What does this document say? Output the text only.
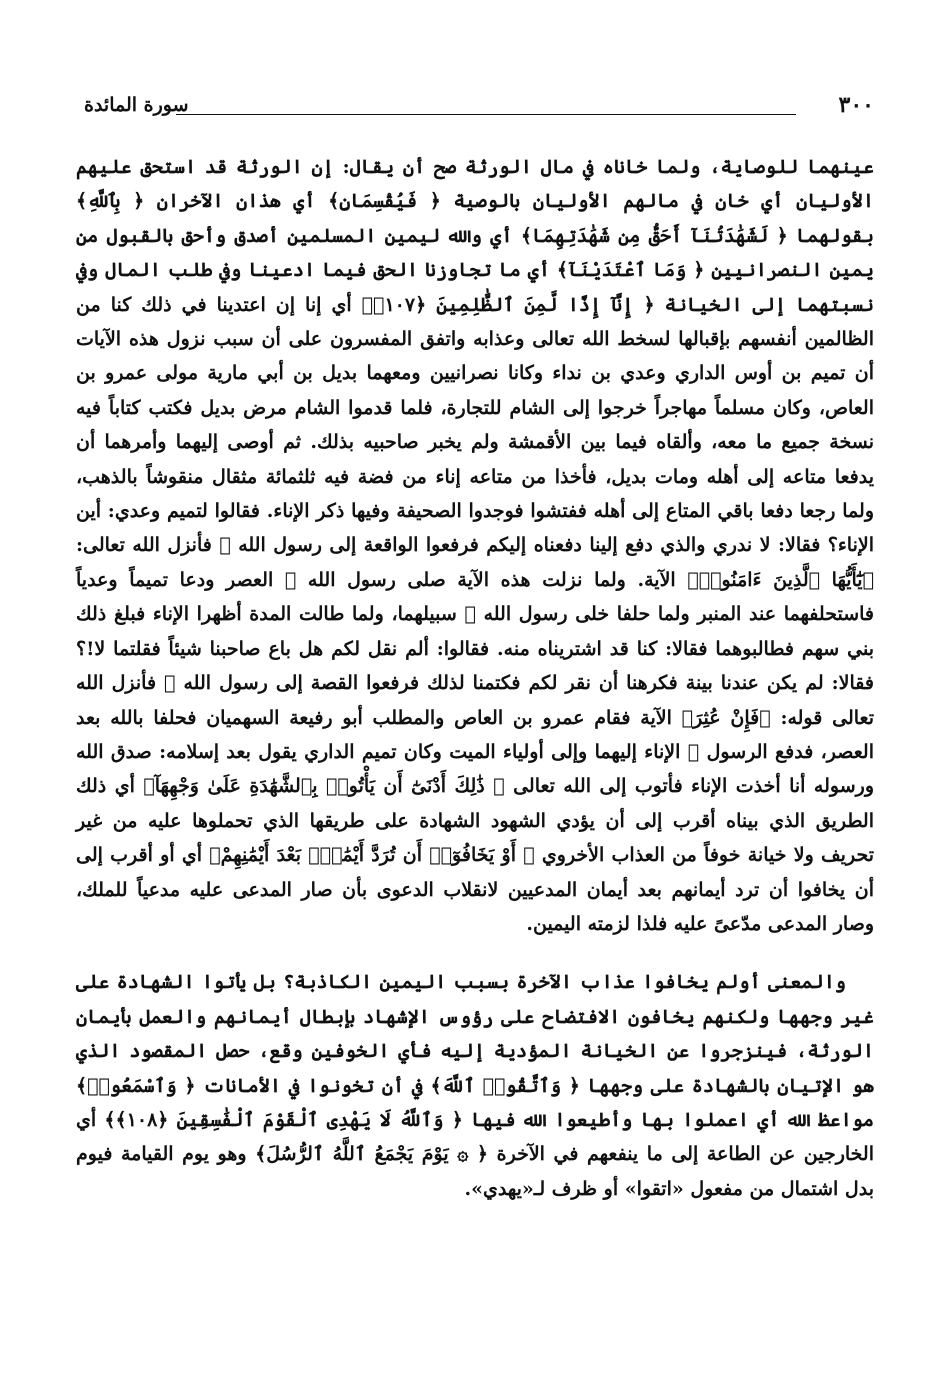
٣٠٠
سورة المائدة

عينهما للوصاية، ولما خاناه في مال الورثة صح أن يقال: إن الورثة قد استحق عليهم الأوليان أي خان في مالهم الأوليان بالوصية ﴿ فَيُقْسِمَانِ﴾ أي هذان الآخران ﴿ بِٱللَّهِ﴾ بقولهما ﴿ لَشَهَٰدَتُنَآ أَحَقُّ مِن شَهَٰدَتِهِمَا﴾ أي والله ليمين المسلمين أصدق وأحق بالقبول من يمين النصرانيين ﴿ وَمَا ٱعْتَدَيْنَآ﴾ أي ما تجاوزنا الحق فيما ادعينا وفي طلب المال وفي نسبتهما إلى الخيانة ﴿ إِنَّآ إِذًا لَّمِنَ ٱلظَّٰلِمِينَ ﴿١٠٧﴾﴾ أي إنا إن اعتدينا في ذلك كنا من الظالمين أنفسهم بإقبالها لسخط الله تعالى وعذابه واتفق المفسرون على أن سبب نزول هذه الآيات أن تميم بن أوس الداري وعدي بن نداء وكانا نصرانيين ومعهما بديل بن أبي مارية مولى عمرو بن العاص، وكان مسلماً مهاجراً خرجوا إلى الشام للتجارة، فلما قدموا الشام مرض بديل فكتب كتاباً فيه نسخة جميع ما معه، وألقاه فيما بين الأقمشة ولم يخبر صاحبيه بذلك. ثم أوصى إليهما وأمرهما أن يدفعا متاعه إلى أهله ومات بديل، فأخذا من متاعه إناء من فضة فيه ثلثمائة مثقال منقوشاً بالذهب، ولما رجعا دفعا باقي المتاع إلى أهله ففتشوا فوجدوا الصحيفة وفيها ذكر الإناء. فقالوا لتميم وعدي: أين الإناء؟ فقالا: لا ندري والذي دفع إلينا دفعناه إليكم فرفعوا الواقعة إلى رسول الله ﷺ فأنزل الله تعالى: ﴿يَٰٓأَيُّهَا ٱلَّذِينَ ءَامَنُوا۟﴾ الآية. ولما نزلت هذه الآية صلى رسول الله ﷺ العصر ودعا تميماً وعدياً فاستحلفهما عند المنبر ولما حلفا خلى رسول الله ﷺ سبيلهما، ولما طالت المدة أظهرا الإناء فبلغ ذلك بني سهم فطالبوهما فقالا: كنا قد اشتريناه منه. فقالوا: ألم نقل لكم هل باع صاحبنا شيئاً فقلتما لا!؟ فقالا: لم يكن عندنا بينة فكرهنا أن نقر لكم فكتمنا لذلك فرفعوا القصة إلى رسول الله ﷺ فأنزل الله تعالى قوله: ﴿فَإِنْ عُثِرَ﴾ الآية فقام عمرو بن العاص والمطلب أبو رفيعة السهميان فحلفا بالله بعد العصر، فدفع الرسول ﷺ الإناء إليهما وإلى أولياء الميت وكان تميم الداري يقول بعد إسلامه: صدق الله ورسوله أنا أخذت الإناء فأتوب إلى الله تعالى ﴿ ذَٰلِكَ أَدْنَىٰٓ أَن يَأْتُوا۟ بِٱلشَّهَٰدَةِ عَلَىٰ وَجْهِهَآ﴾ أي ذلك الطريق الذي بيناه أقرب إلى أن يؤدي الشهود الشهادة على طريقها الذي تحملوها عليه من غير تحريف ولا خيانة خوفاً من العذاب الأخروي ﴿ أَوْ يَخَافُوٓا۟ أَن تُرَدَّ أَيْمَٰنٌۢ بَعْدَ أَيْمَٰنِهِمْ﴾ أي أو أقرب إلى أن يخافوا أن ترد أيمانهم بعد أيمان المدعيين لانقلاب الدعوى بأن صار المدعى عليه مدعياً للملك، وصار المدعى مدّعىً عليه فلذا لزمته اليمين.

والمعنى أولم يخافوا عذاب الآخرة بسبب اليمين الكاذبة؟ بل يأتوا الشهادة على غير وجهها ولكنهم يخافون الافتضاح على رؤوس الإشهاد بإبطال أيمانهم والعمل بأيمان الورثة، فينزجروا عن الخيانة المؤدية إليه فأي الخوفين وقع، حصل المقصود الذي هو الإتيان بالشهادة على وجهها ﴿ وَٱتَّقُوا۟ ٱللَّهَ﴾ في أن تخونوا في الأمانات ﴿ وَٱسْمَعُوا۟﴾ مواعظ الله أي اعملوا بها وأطيعوا الله فيها ﴿ وَٱللَّهُ لَا يَهْدِى ٱلْقَوْمَ ٱلْفَٰسِقِينَ ﴿١٠٨﴾﴾ أي الخارجين عن الطاعة إلى ما ينفعهم في الآخرة ﴿ ۞ يَوْمَ يَجْمَعُ ٱللَّهُ ٱلرُّسُلَ﴾ وهو يوم القيامة فيوم بدل اشتمال من مفعول «اتقوا» أو ظرف لـ«يهدي».
